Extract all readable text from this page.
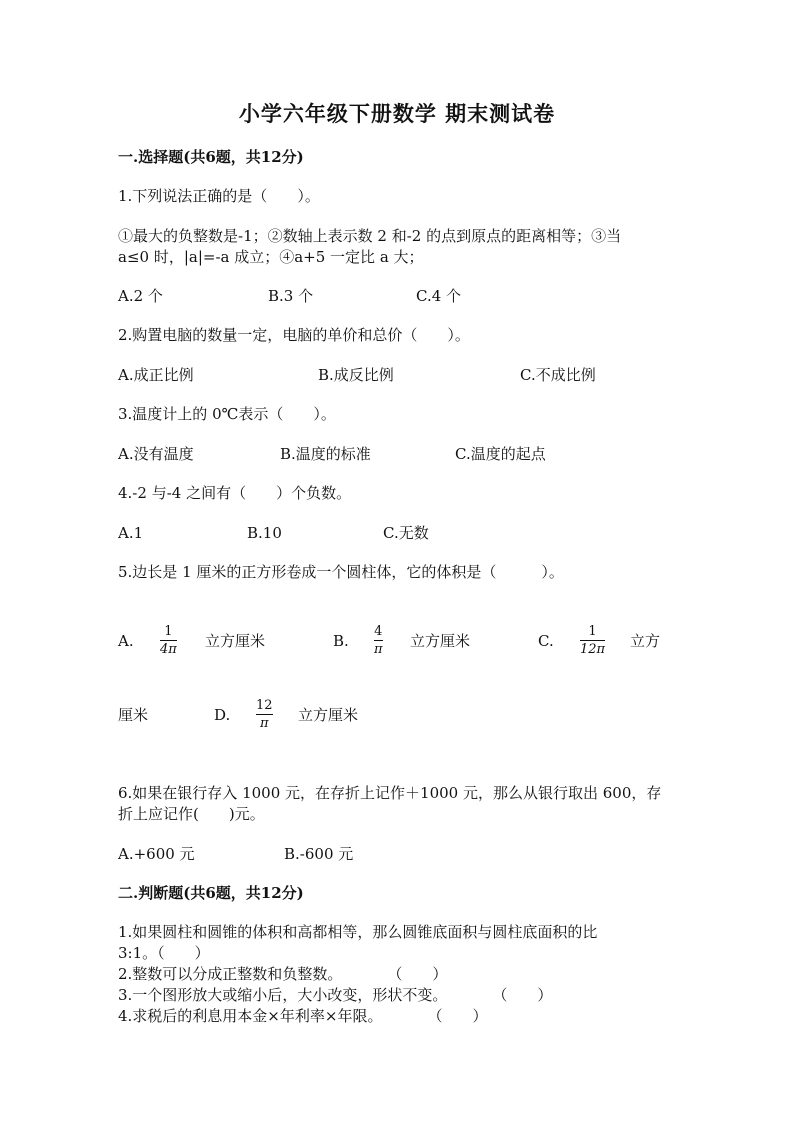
小学六年级下册数学 期末测试卷
一.选择题(共6题，共12分)
1.下列说法正确的是（　　）。
①最大的负整数是-1；②数轴上表示数 2 和-2 的点到原点的距离相等；③当
a≤0 时，|a|=-a 成立；④a+5 一定比 a 大；
A.2 个	B.3 个	C.4 个
2.购置电脑的数量一定，电脑的单价和总价（　　）。
A.成正比例	B.成反比例	C.不成比例
3.温度计上的 0℃表示（　　）。
A.没有温度	B.温度的标准	C.温度的起点
4.-2 与-4 之间有（　　）个负数。
A.1	B.10	C.无数
5.边长是 1 厘米的正方形卷成一个圆柱体，它的体积是（　　　）。
A.
1
4π 立方厘米	B.
4
π 立方厘米	C.
1
12π 立方
厘米	D.
12
π 立方厘米
6.如果在银行存入 1000 元，在存折上记作＋1000 元，那么从银行取出 600，存
折上应记作(　　)元。
A.+600 元	B.-600 元
二.判断题(共6题，共12分)
1.如果圆柱和圆锥的体积和高都相等，那么圆锥底面积与圆柱底面积的比
3:1。（　　）
2.整数可以分成正整数和负整数。　　　　（　　）
3.一个图形放大或缩小后，大小改变，形状不变。　　　　（　　）
4.求税后的利息用本金×年利率×年限。　　　　（　　）
